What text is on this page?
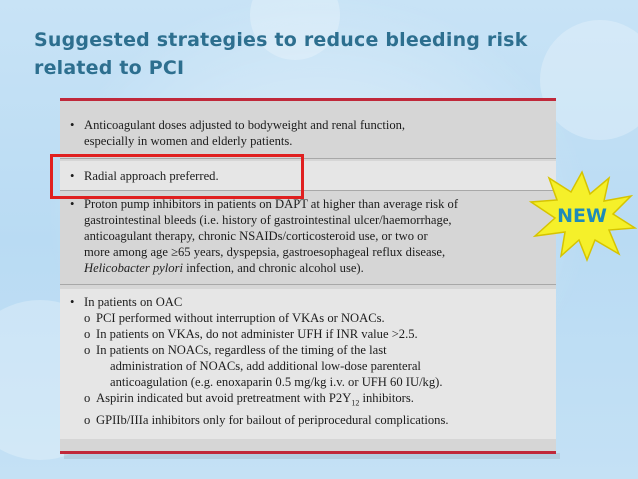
Suggested strategies to reduce bleeding risk
related to PCI
• Anticoagulant doses adjusted to bodyweight and renal function,
especially in women and elderly patients.
• Radial approach preferred.
• Proton pump inhibitors in patients on DAPT at higher than average risk of
gastrointestinal bleeds (i.e. history of gastrointestinal ulcer/haemorrhage,
anticoagulant therapy, chronic NSAIDs/corticosteroid use, or two or
more among age ≥65 years, dyspepsia, gastroesophageal reflux disease,
Helicobacter pylori infection, and chronic alcohol use).
• In patients on OAC
o PCI performed without interruption of VKAs or NOACs.
o In patients on VKAs, do not administer UFH if INR value >2.5.
o In patients on NOACs, regardless of the timing of the last
administration of NOACs, add additional low-dose parenteral
anticoagulation (e.g. enoxaparin 0.5 mg/kg i.v. or UFH 60 IU/kg).
o Aspirin indicated but avoid pretreatment with $P2Y_{12}$ inhibitors.
o GPIIb/IIIa inhibitors only for bailout of periprocedural complications.
NEW
